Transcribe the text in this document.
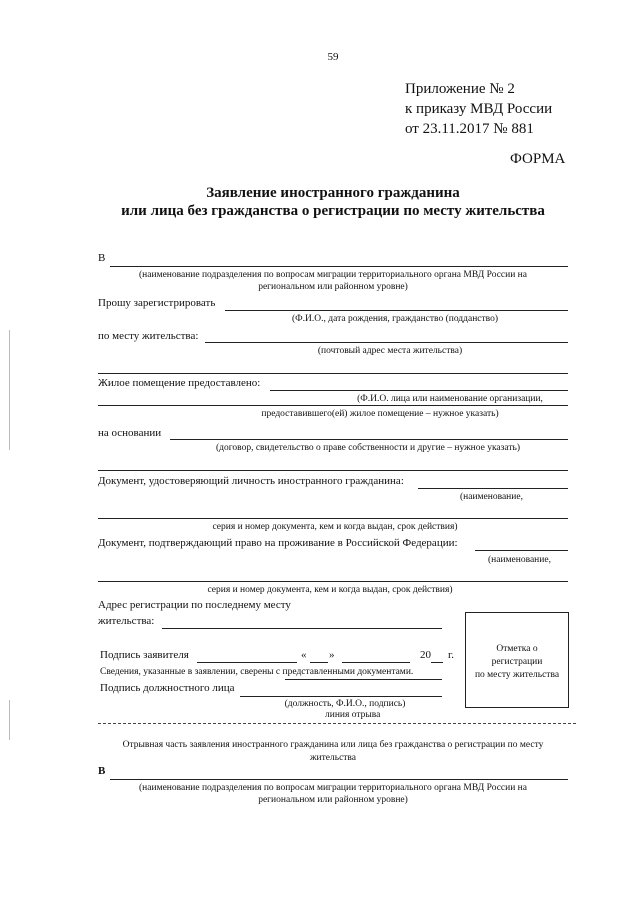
59
Приложение № 2
к приказу МВД России
от 23.11.2017 № 881
ФОРМА
Заявление иностранного гражданина
или лица без гражданства о регистрации по месту жительства
В
(наименование подразделения по вопросам миграции территориального органа МВД России на
региональном или районном уровне)
Прошу зарегистрировать
(Ф.И.О., дата рождения, гражданство (подданство)
по месту жительства:
(почтовый адрес места жительства)
Жилое помещение предоставлено:
(Ф.И.О. лица или наименование организации,
предоставившего(ей) жилое помещение – нужное указать)
на основании
(договор, свидетельство о праве собственности и другие – нужное указать)
Документ, удостоверяющий личность иностранного гражданина:
(наименование,
серия и номер документа, кем и когда выдан, срок действия)
Документ, подтверждающий право на проживание в Российской Федерации:
(наименование,
серия и номер документа, кем и когда выдан, срок действия)
Адрес регистрации по последнему месту
жительства:
Подпись заявителя	« »	20 г.
Сведения, указанные в заявлении, сверены с представленными документами.
Подпись должностного лица
(должность, Ф.И.О., подпись)
Отметка о
регистрации
по месту жительства
линия отрыва
Отрывная часть заявления иностранного гражданина или лица без гражданства о регистрации по месту
жительства
В
(наименование подразделения по вопросам миграции территориального органа МВД России на
региональном или районном уровне)
